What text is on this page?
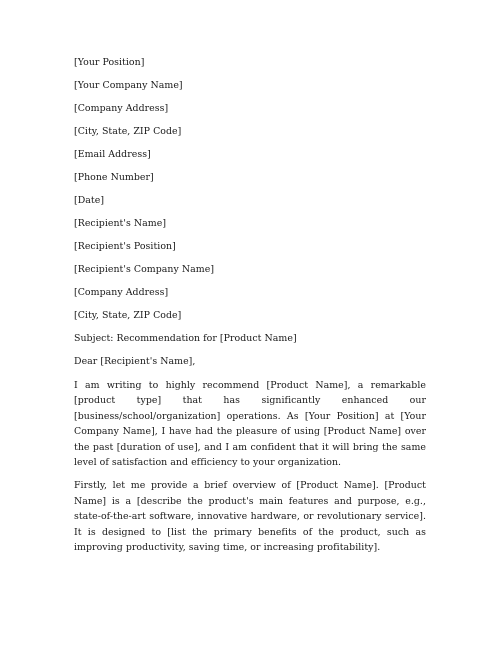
[Your Position]

[Your Company Name]

[Company Address]

[City, State, ZIP Code]

[Email Address]

[Phone Number]

[Date]

[Recipient's Name]

[Recipient's Position]

[Recipient's Company Name]

[Company Address]

[City, State, ZIP Code]

Subject: Recommendation for [Product Name]

Dear [Recipient's Name],

I am writing to highly recommend [Product Name], a remarkable [product type] that has significantly enhanced our [business/school/organization] operations. As [Your Position] at [Your Company Name], I have had the pleasure of using [Product Name] over the past [duration of use], and I am confident that it will bring the same level of satisfaction and efficiency to your organization.

Firstly, let me provide a brief overview of [Product Name]. [Product Name] is a [describe the product's main features and purpose, e.g., state-of-the-art software, innovative hardware, or revolutionary service]. It is designed to [list the primary benefits of the product, such as improving productivity, saving time, or increasing profitability].
